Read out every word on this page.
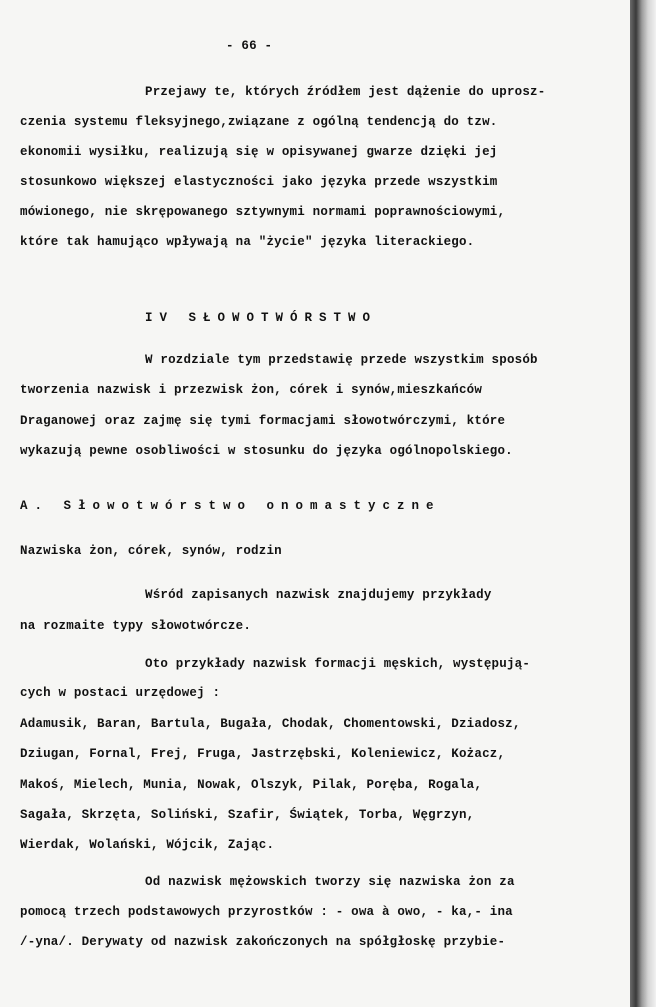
- 66 -
Przejawy te, których źródłem jest dążenie do uprosz-
czenia systemu fleksyjnego,związane z ogólną tendencją do tzw.
ekonomii wysiłku, realizują się w opisywanej gwarze dzięki jej
stosunkowo większej elastyczności jako języka przede wszystkim
mówionego, nie skrępowanego sztywnymi normami poprawnościowymi,
które tak hamująco wpływają na "życie" języka literackiego.
IV SŁOWOTWÓRSTWO
W rozdziale tym przedstawię przede wszystkim sposób
tworzenia nazwisk i przezwisk żon, córek i synów,mieszkańców
Draganowej oraz zajmę się tymi formacjami słowotwórczymi, które
wykazują pewne osobliwości w stosunku do języka ogólnopolskiego.
A. Słowotwórstwo onomastyczne
Nazwiska żon, córek, synów, rodzin
Wśród zapisanych nazwisk znajdujemy przykłady
na rozmaite typy słowotwórcze.
Oto przykłady nazwisk formacji męskich, występują-
cych w postaci urzędowej :
Adamusik, Baran, Bartula, Bugała, Chodak, Chomentowski, Dziadosz,
Dziugan, Fornal, Frej, Fruga, Jastrzębski, Koleniewicz, Kożacz,
Makoś, Mielech, Munia, Nowak, Olszyk, Pilak, Poręba, Rogala,
Sagała, Skrzęta, Soliński, Szafir, Świątek, Torba, Węgrzyn,
Wierdak, Wolański, Wójcik, Zając.
Od nazwisk mężowskich tworzy się nazwiska żon za
pomocą trzech podstawowych przyrostków : - owa à owo, - ka,- ina
/-yna/. Derywaty od nazwisk zakończonych na spółgłoskę przybie-
